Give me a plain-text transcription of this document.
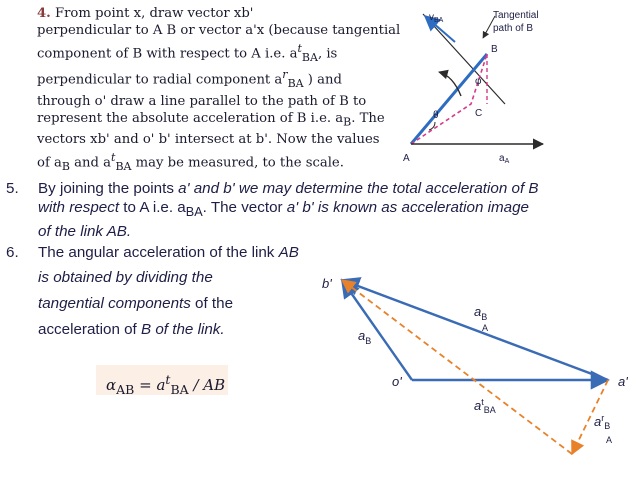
4. From point x, draw vector xb'
perpendicular to A B or vector a'x (because tangential
component of B with respect to A i.e. $a^t_{BA}$, is
perpendicular to radial component $a^r_{BA}$ ) and
through o' draw a line parallel to the path of B to
represent the absolute acceleration of B i.e. $a_B$. The
vectors xb' and o' b' intersect at b'. Now the values
of $a_B$ and $a^t_{BA}$ may be measured, to the scale.
$v_{BA}$	Tangential
path of B
B
φ
C
θ
A	$a_A$
5. By joining the points a' and b' we may determine the total acceleration of B
with respect to A i.e. $a_{BA}$. The vector a' b' is known as acceleration image
of the link AB.
6. The angular acceleration of the link AB
is obtained by dividing the
tangential components of the
acceleration of B of the link.
$\alpha_{AB} = a^t_{BA}$ / AB
b'
o'	a'
$a_B$
$a_B$
A
$a^t_{BA}$
$a^r_B$
A
